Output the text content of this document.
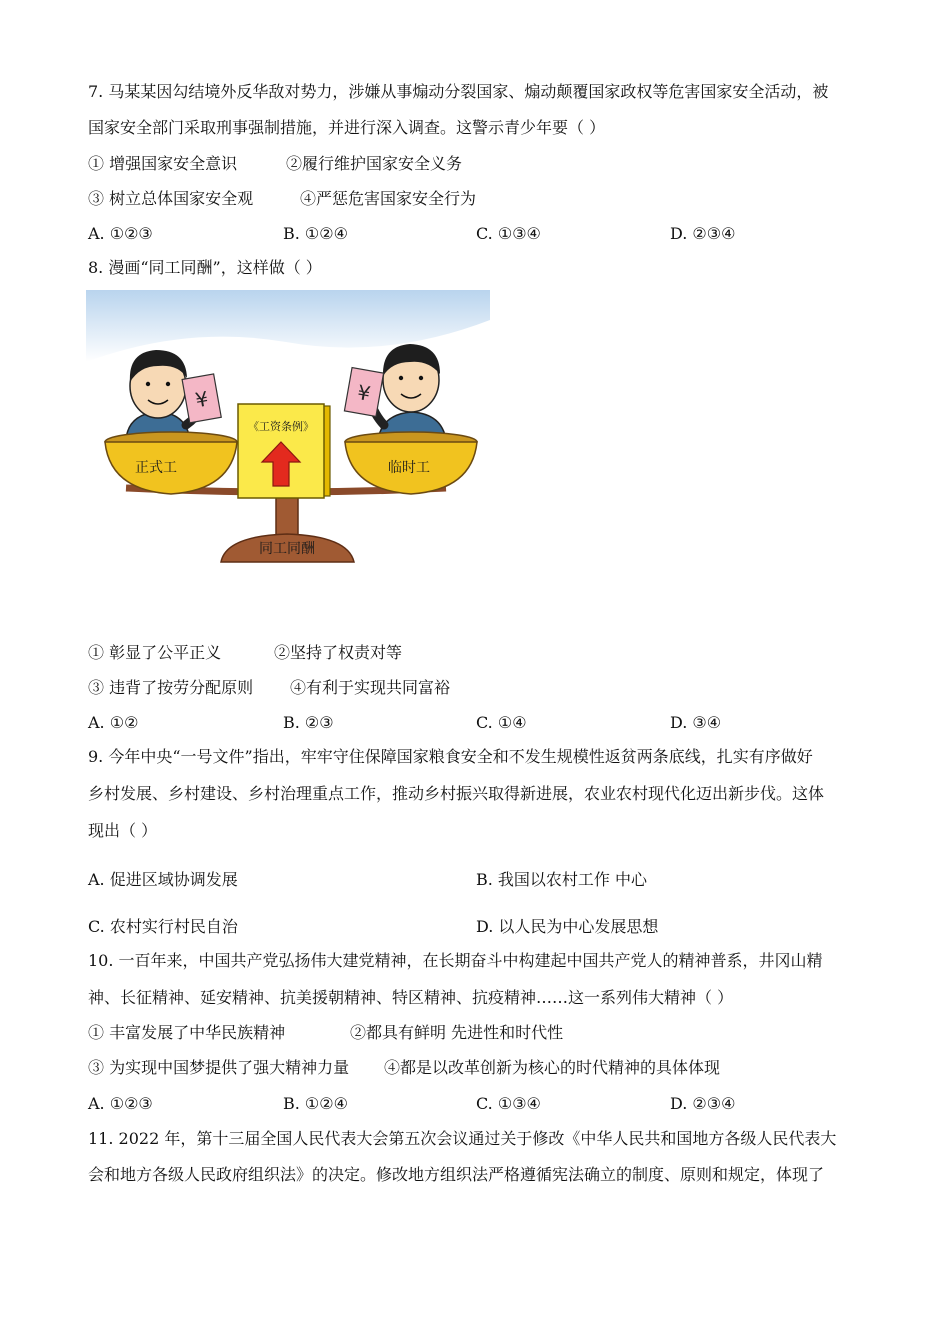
7. 马某某因勾结境外反华敌对势力，涉嫌从事煽动分裂国家、煽动颠覆国家政权等危害国家安全活动，被
国家安全部门采取刑事强制措施，并进行深入调查。这警示青少年要（ ）
① 增强国家安全意识	②履行维护国家安全义务
③ 树立总体国家安全观	④严惩危害国家安全行为
A. ①②③	B. ①②④	C. ①③④	D. ②③④
8. 漫画“同工同酬”，这样做（ ）
¥	¥
同工同酬
正式工	临时工
《工资条例》
① 彰显了公平正义	②坚持了权责对等
③ 违背了按劳分配原则 ④有利于实现共同富裕
A. ①②	B. ②③	C. ①④	D. ③④
9. 今年中央“一号文件”指出，牢牢守住保障国家粮食安全和不发生规模性返贫两条底线，扎实有序做好
乡村发展、乡村建设、乡村治理重点工作，推动乡村振兴取得新进展，农业农村现代化迈出新步伐。这体
现出（ ）
A. 促进区域协调发展	B. 我国以农村工作 中心
C. 农村实行村民自治	D. 以人民为中心发展思想
10. 一百年来，中国共产党弘扬伟大建党精神，在长期奋斗中构建起中国共产党人的精神普系，井冈山精
神、长征精神、延安精神、抗美援朝精神、特区精神、抗疫精神……这一系列伟大精神（ ）
① 丰富发展了中华民族精神	②都具有鲜明 先进性和时代性
③ 为实现中国梦提供了强大精神力量 ④都是以改革创新为核心的时代精神的具体体现
A. ①②③	B. ①②④	C. ①③④	D. ②③④
11. 2022 年，第十三届全国人民代表大会第五次会议通过关于修改《中华人民共和国地方各级人民代表大
会和地方各级人民政府组织法》的决定。修改地方组织法严格遵循宪法确立的制度、原则和规定，体现了
